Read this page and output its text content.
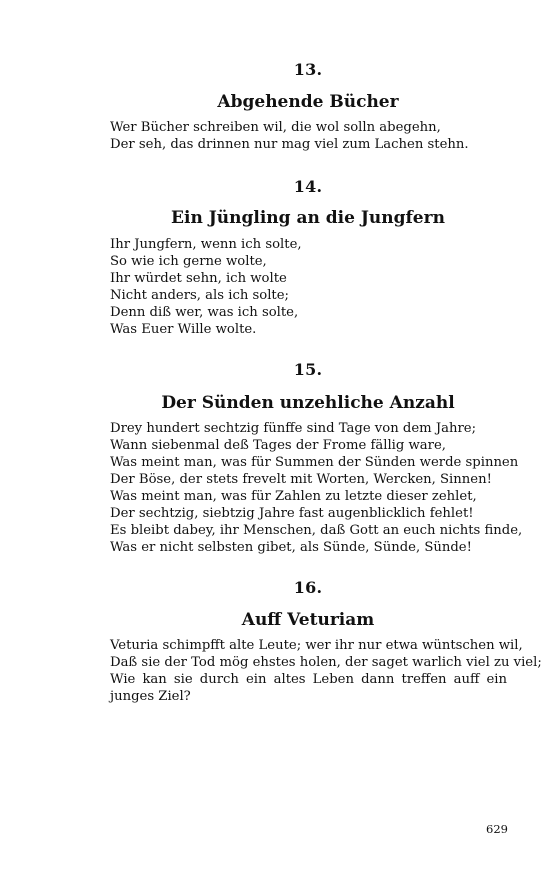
13.
Abgehende Bücher
Wer Bücher schreiben wil, die wol solln abegehn,
Der seh, das drinnen nur mag viel zum Lachen stehn.
14.
Ein Jüngling an die Jungfern
Ihr Jungfern, wenn ich solte,
So wie ich gerne wolte,
Ihr würdet sehn, ich wolte
Nicht anders, als ich solte;
Denn diß wer, was ich solte,
Was Euer Wille wolte.
15.
Der Sünden unzehliche Anzahl
Drey hundert sechtzig fünffe sind Tage von dem Jahre;
Wann siebenmal deß Tages der Frome fällig ware,
Was meint man, was für Summen der Sünden werde spinnen
Der Böse, der stets frevelt mit Worten, Wercken, Sinnen!
Was meint man, was für Zahlen zu letzte dieser zehlet,
Der sechtzig, siebtzig Jahre fast augenblicklich fehlet!
Es bleibt dabey, ihr Menschen, daß Gott an euch nichts finde,
Was er nicht selbsten gibet, als Sünde, Sünde, Sünde!
16.
Auff Veturiam
Veturia schimpfft alte Leute; wer ihr nur etwa wüntschen wil,
Daß sie der Tod mög ehstes holen, der saget warlich viel zu viel;
Wie kan sie durch ein altes Leben dann treffen auff ein junges Ziel?
629
